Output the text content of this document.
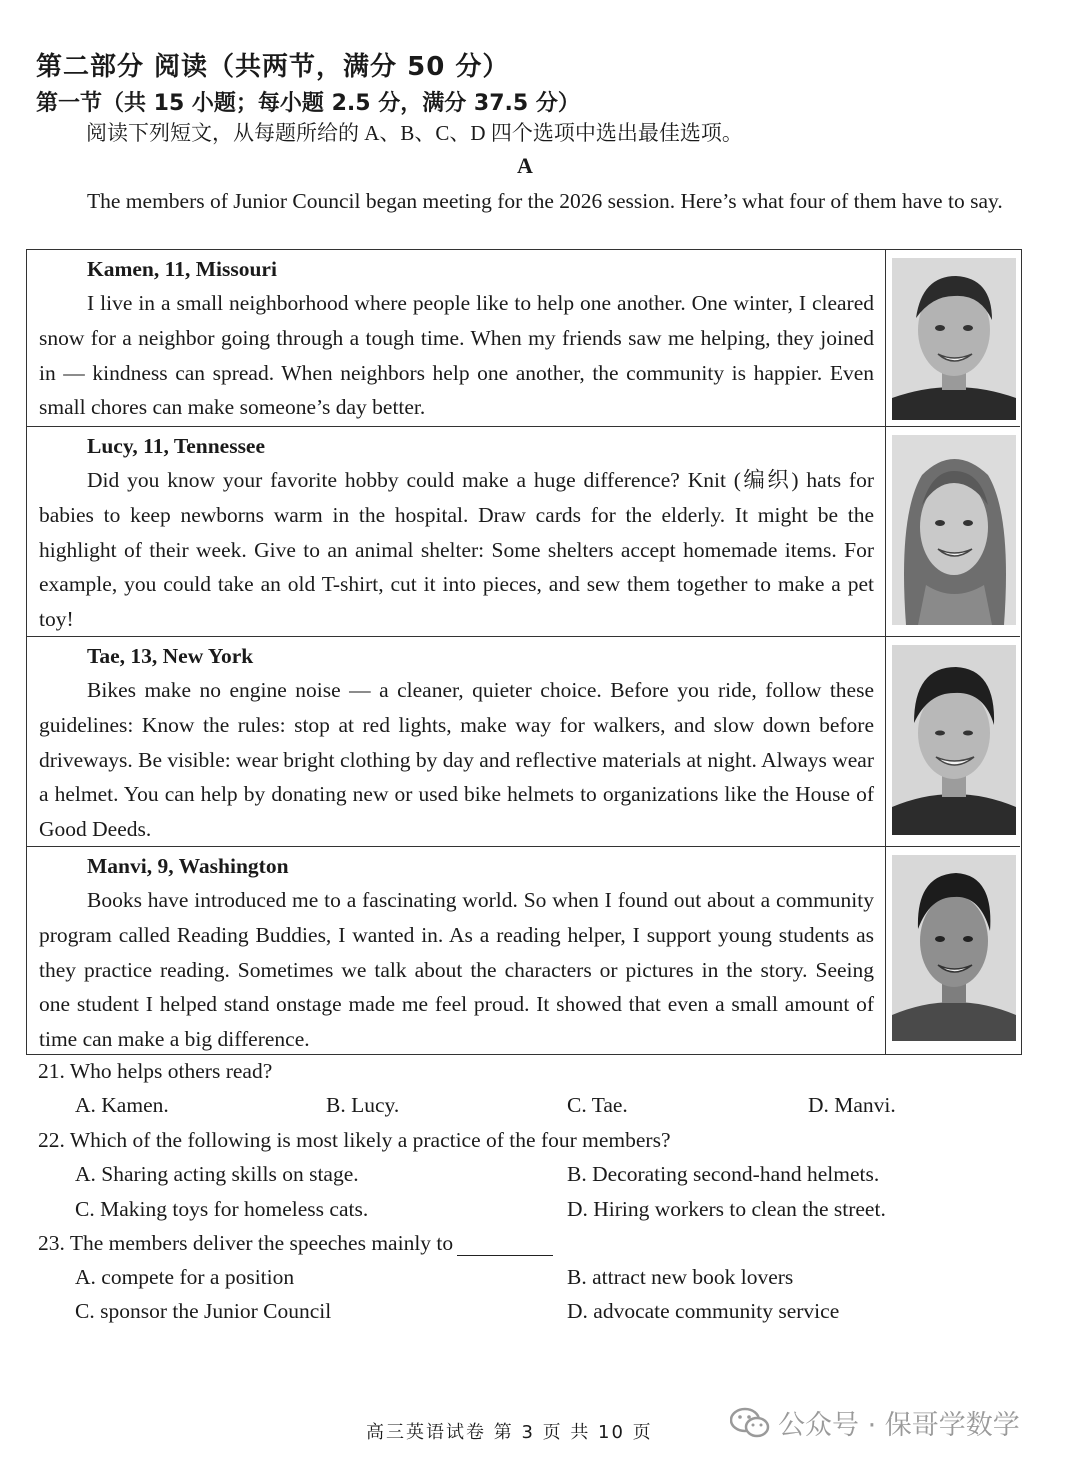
第二部分 阅读（共两节，满分 50 分）
第一节（共 15 小题；每小题 2.5 分，满分 37.5 分）
阅读下列短文，从每题所给的 A、B、C、D 四个选项中选出最佳选项。
A
The members of Junior Council began meeting for the 2026 session. Here’s what four of them have to say.
Kamen, 11, Missouri
I live in a small neighborhood where people like to help one another. One winter, I cleared snow for a neighbor going through a tough time. When my friends saw me helping, they joined in — kindness can spread. When neighbors help one another, the community is happier. Even small chores can make someone’s day better.
Lucy, 11, Tennessee
Did you know your favorite hobby could make a huge difference? Knit (编织) hats for babies to keep newborns warm in the hospital. Draw cards for the elderly. It might be the highlight of their week. Give to an animal shelter: Some shelters accept homemade items. For example, you could take an old T-shirt, cut it into pieces, and sew them together to make a pet toy!
Tae, 13, New York
Bikes make no engine noise — a cleaner, quieter choice. Before you ride, follow these guidelines: Know the rules: stop at red lights, make way for walkers, and slow down before driveways. Be visible: wear bright clothing by day and reflective materials at night. Always wear a helmet. You can help by donating new or used bike helmets to organizations like the House of Good Deeds.
Manvi, 9, Washington
Books have introduced me to a fascinating world. So when I found out about a community program called Reading Buddies, I wanted in. As a reading helper, I support young students as they practice reading. Sometimes we talk about the characters or pictures in the story. Seeing one student I helped stand onstage made me feel proud. It showed that even a small amount of time can make a big difference.
21. Who helps others read?
A. Kamen.	B. Lucy.	C. Tae.	D. Manvi.
22. Which of the following is most likely a practice of the four members?
A. Sharing acting skills on stage.	B. Decorating second-hand helmets.
C. Making toys for homeless cats.	D. Hiring workers to clean the street.
23. The members deliver the speeches mainly to
A. compete for a position	B. attract new book lovers
C. sponsor the Junior Council	D. advocate community service
高三英语试卷 第 3 页 共 10 页	公众号 · 保哥学数学
